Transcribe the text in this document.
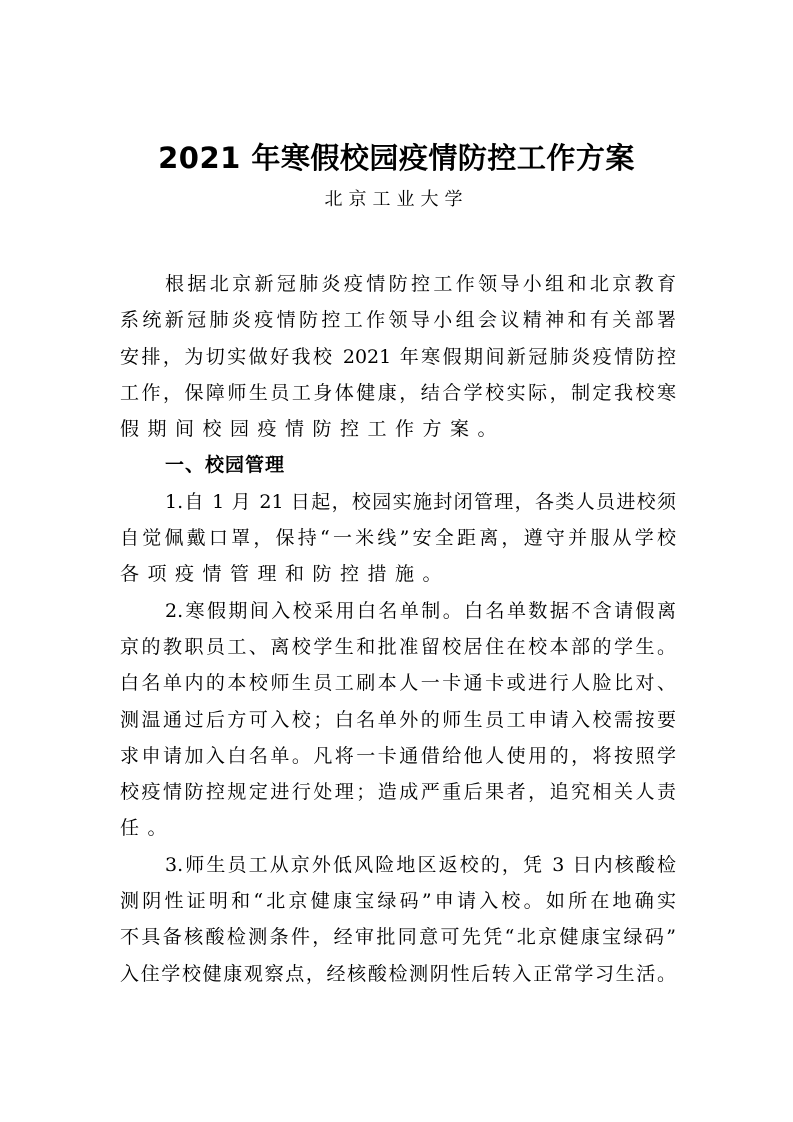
2021 年寒假校园疫情防控工作方案
北京工业大学
根据北京新冠肺炎疫情防控工作领导小组和北京教育
系统新冠肺炎疫情防控工作领导小组会议精神和有关部署
安排，为切实做好我校 2021 年寒假期间新冠肺炎疫情防控
工作，保障师生员工身体健康，结合学校实际，制定我校寒
假期间校园疫情防控工作方案。
一、校园管理
1.自 1 月 21 日起，校园实施封闭管理，各类人员进校须
自觉佩戴口罩，保持“一米线”安全距离，遵守并服从学校
各项疫情管理和防控措施。
2.寒假期间入校采用白名单制。白名单数据不含请假离
京的教职员工、离校学生和批准留校居住在校本部的学生。
白名单内的本校师生员工刷本人一卡通卡或进行人脸比对、
测温通过后方可入校；白名单外的师生员工申请入校需按要
求申请加入白名单。凡将一卡通借给他人使用的，将按照学
校疫情防控规定进行处理；造成严重后果者，追究相关人责
任。
3.师生员工从京外低风险地区返校的，凭 3 日内核酸检
测阴性证明和“北京健康宝绿码”申请入校。如所在地确实
不具备核酸检测条件，经审批同意可先凭“北京健康宝绿码”
入住学校健康观察点，经核酸检测阴性后转入正常学习生活。
